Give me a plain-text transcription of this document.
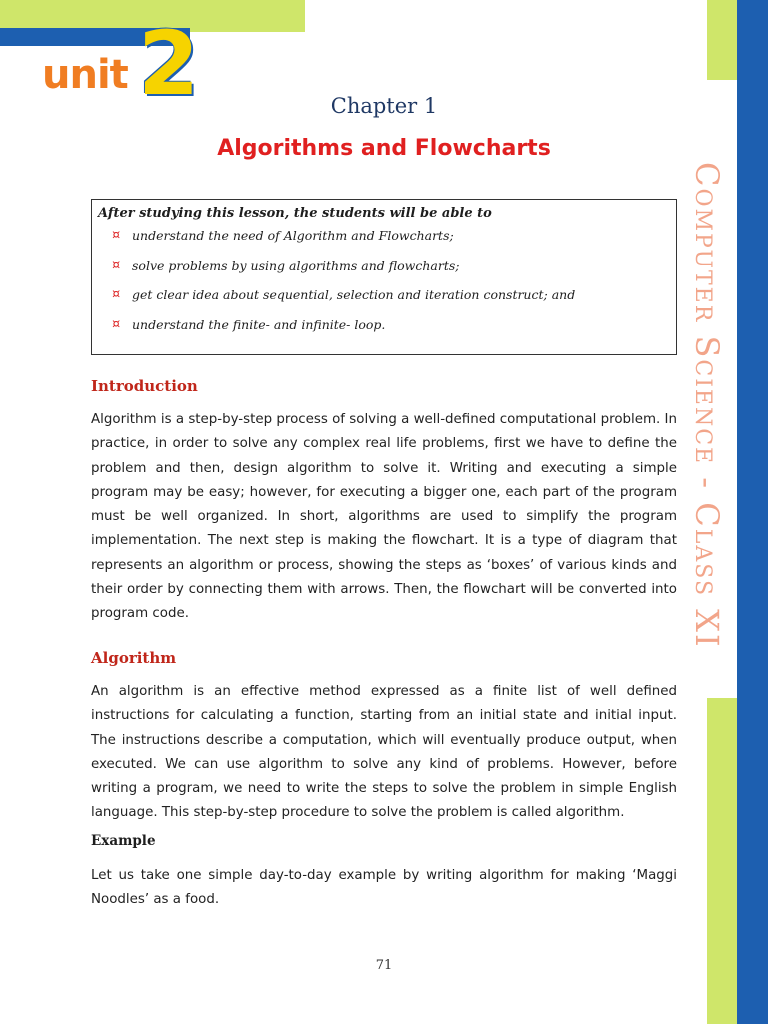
unit 2
Computer Science - Class XI
Chapter 1
Algorithms and Flowcharts

After studying this lesson, the students will be able to

¤ understand the need of Algorithm and Flowcharts;
¤ solve problems by using algorithms and flowcharts;
¤ get clear idea about sequential, selection and iteration construct; and
¤ understand the finite- and infinite- loop.
Introduction

Algorithm is a step-by-step process of solving a well-defined computational problem. In practice, in order to solve any complex real life problems, first we have to define the problem and then, design algorithm to solve it. Writing and executing a simple program may be easy; however, for executing a bigger one, each part of the program must be well organized. In short, algorithms are used to simplify the program implementation. The next step is making the flowchart. It is a type of diagram that represents an algorithm or process, showing the steps as ‘boxes’ of various kinds and their order by connecting them with arrows. Then, the flowchart will be converted into program code.

Algorithm

An algorithm is an effective method expressed as a finite list of well defined instructions for calculating a function, starting from an initial state and initial input. The instructions describe a computation, which will eventually produce output, when executed. We can use algorithm to solve any kind of problems. However, before writing a program, we need to write the steps to solve the problem in simple English language. This step-by-step procedure to solve the problem is called algorithm.

Example

Let us take one simple day-to-day example by writing algorithm for making ‘Maggi Noodles’ as a food.

71
